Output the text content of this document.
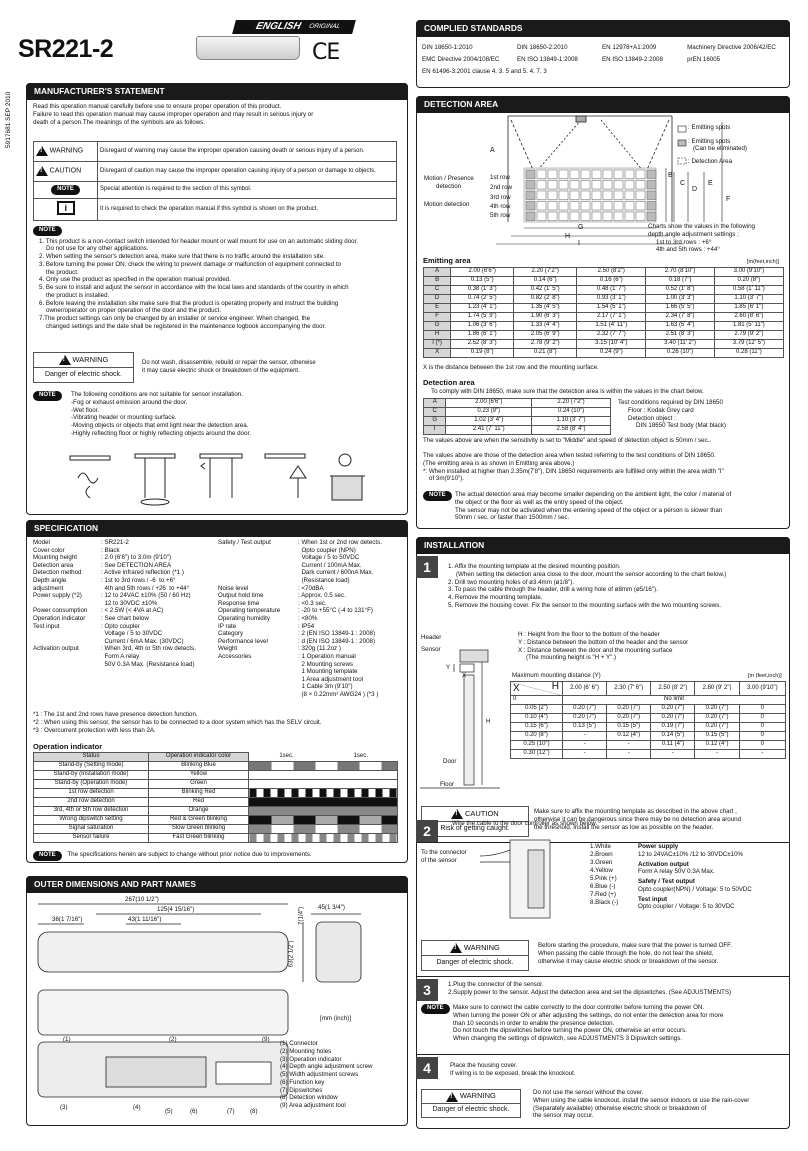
SR221-2
ENGLISH ORIGINAL
CE
5917681 SEP 2010
MANUFACTURER'S STATEMENT
Read this operation manual carefully before use to ensure proper operation of this product.
Failure to read this operation manual may cause improper operation and may result in serious injury or
death of a person.The meanings of the symbols are as follows.
! WARNING	Disregard of warning may cause the improper operation causing death or serious injury of a person.
! CAUTION	Disregard of caution may cause the improper operation causing injury of a person or damage to objects.
NOTE	Special attention is required to the section of this symbol.

i	It is required to check the operation manual if this symbol is shown on the product.
NOTE
1. This product is a non-contact switch intended for header mount or wall mount for use on an automatic sliding door.
Do not use for any other applications.
2. When setting the sensor's detection area, make sure that there is no traffic around the installation site.
3. Before turning the power ON, check the wiring to prevent damage or malfunction of equipment connected to
the product.
4. Only use the product as specified in the operation manual provided.
5. Be sure to install and adjust the sensor in accordance with the local laws and standards of the country in which
the product is installed.
6. Before leaving the installation site make sure that the product is operating properly and instruct the building
owner/operator on proper operation of the door and the product.
7.The product settings can only be changed by an installer or service engineer. When changed, the
changed settings and the date shall be registered in the maintenance logbook accompanying the door.
! WARNING	Do not wash, disassemble, rebuild or repair the sensor, otherwise
it may cause electric shock or breakdown of the equipment.

Danger of electric shock.
NOTE The following conditions are not suitable for sensor installation.
-Fog or exhaust emission around the door.
-Wet floor.
-Vibrating header or mounting surface.
-Moving objects or objects that emit light near the detection area.
-Highly reflecting floor or highly reflecting objects around the door.
SPECIFICATION
Model	: SR221-2
Cover color	: Black
Mounting height	: 2.0 (6'6") to 3.0m (9'10")
Detection area	: See DETECTION AREA
Detection method	: Active infrared reflection (*1 )
Depth angle	: 1st to 3rd rows / -6  to +6°
adjustment	4th and 5th rows / +26  to +44°
Power supply (*2)	: 12 to 24VAC ±10% (50 / 60 Hz)
12 to 30VDC ±10%
Power consumption	: < 2.5W (< 4VA at AC)
Operation indicator	: See chart below
Test input	: Opto coupler
Voltage / 5 to 30VDC
Current / 6mA Max. (30VDC)
Activation output	: When 3rd, 4th or 5th row detects.
Form A relay
50V 0.3A Max. (Resistance load)
Safety / Test output	: When 1st or 2nd row detects.
Opto coupler (NPN)
Voltage / 5 to 50VDC
Current / 100mA Max.
Dark current / 600nA Max.
(Resistance load)
Noise level	: <70dBA
Output hold time	: Approx. 0.5 sec.
Response time	: <0.3 sec.
Operating temperature	: -20 to +55°C (-4 to 131°F)
Operating humidity	: <80%
IP rate	: IP54
Category	: 2 (EN ISO 13849-1 : 2008)
Performance level	: d (EN ISO 13849-1 : 2008)
Weight	: 320g (11.2oz )
Accessories	: 1 Operation manual
2 Mounting screws
1 Mounting template
1 Area adjustment tool
1 Cable 3m (9'10")
(8 × 0.22mm² AWG24 ) (*3 )
*1 : The 1st and 2nd rows have presence detection function.
*2 : When using this sensor, the sensor has to be connected to a door system which has the SELV circuit.
*3 : Overcurrent protection with less than 2A.
Operation indicator
Status	Operation indicator color	1sec.	1sec.
Stand-by (Setting mode)	Blinking Blue		
Stand-by (Installation mode)	Yellow		
Stand-by (Operation mode)	Green		
1st row detection	Blinking Red		
2nd row detection	Red		
3rd, 4th or 5th row detection	Orange		
Wrong dipswitch setting	Red & Green blinking		
Signal saturation	Slow Green blinking		
Sensor failure	Fast Green blinking		
NOTE The specifications herein are subject to change without prior notice due to improvements.
OUTER DIMENSIONS AND PART NAMES
267(10 1/2")
125(4 15/16")
36(1 7/16")	43(1 11/16")	7(1/4") 45(1 3/4")
63(2 1/2")
[mm (inch)]
(1)	(2)
(3)	(4)
(5)	(6)	(7) (8)
(9)
(1) Connector
(2) Mounting holes
(3) Operation indicator
(4) Depth angle adjustment screw
(5) Width adjustment screws
(6) Function key
(7) Dipswitches
(8) Detection window
(9) Area adjustment tool
COMPLIED STANDARDS
DIN 18650-1:2010	DIN 18650-2:2010	EN 12978+A1:2009	Machinery Directive 2006/42/EC
EMC Directive 2004/108/EC	EN ISO 13849-1:2008	EN ISO 13849-2:2008	prEN 16005
EN 61496-3:2001 clause 4. 3. 5 and 5. 4. 7. 3
DETECTION AREA
: Emitting spots
: Emitting spots
(Can be eliminated)
: Detection Area
Motion / Presence
detection
Motion detection
1st row
2nd row
3rd row
4th row
5th row
A
B
C
D
E
F
G
H
I
Charts show the values in the following
depth angle adjustment settings ;
1st to 3rd rows : +6°
4th and 5th rows : +44°
Emitting area	[m(feet,inch)]
A	2.00 (6'6")	2.20 (7'2")	2.50 (8'2")	2.70 (8'10")	3.00 (9'10")
B	0.13 (5")	0.14 (6")	0.16 (6")	0.18 (7")	0.20 (8")
C	0.38 (1' 3")	0.42 (1' 5")	0.48 (1' 7")	0.52 (1' 8")	0.58 (1' 11")
D	0.74 (2' 5")	0.82 (2' 8")	0.93 (3' 1")	1.00 (3' 3")	1.10 (3' 7")
E	1.23 (4' 1")	1.35 (4' 5")	1.54 (5' 1")	1.66 (5' 5")	1.85 (6' 1")
F	1.74 (5' 9")	1.90 (6' 3")	2.17 (7' 1")	2.34 (7' 8")	2.60 (8' 6")
G	1.06 (3' 6")	1.33 (4' 4")	1.51 (4' 11")	1.63 (5' 4")	1.81 (5' 11")
H	1.86 (6' 1")	2.05 (6' 9")	2.32 (7' 7")	2.51 (8' 3")	2.79 (9' 2")
I (*)	2.52 (8' 3")	2.78 (9' 2")	3.15 (10' 4")	3.40 (11' 2")	3.79 (12' 5")
X	0.19 (8")	0.21 (8")	0.24 (9")	0.26 (10")	0.28 (11")
X is the distance between the 1st row and the mounting surface.
Detection area
To comply with DIN 18650, make sure that the detection area is within the values in the chart below.
A	2.00 (6'6")	2.20 (7'2")
C	0.23 (9")	0.24 (10")
G	1.02 (3' 4")	1.10 (3' 7")
I	2.41 (7' 11")	2.58 (8' 4")
Test conditions required by DIN 18650
Floor : Kodak Grey card
Detection object :
DIN 18650 Test body (Mat black)
The values above are when the sensitivity is set to "Middle" and speed of detection object is 50mm / sec..
The values above are those of the detection area when tested referring to the test conditions of DIN 18650.
(The emitting area is as shown in Emitting area above.)
*: When installed at higher than 2.35m(7'8"), DIN 18650 requirements are fulfilled only within the area width "I"
of 3m(9'10").
NOTE The actual detection area may become smaller depending on the ambient light, the color / material of
the object or the floor as well as the entry speed of the object.
The sensor may not be activated when the entering speed of the object or a person is slower than
50mm / sec. or faster than 1500mm / sec.
INSTALLATION
1	1. Affix the mounting template at the desired mounting position.
(When setting the detection area close to the door, mount the sensor according to the chart below.)
2. Drill two mounting holes of ø3.4mm (ø1/8").
3. To pass the cable through the header, drill a wiring hole of ø8mm (ø5/16").
4. Remove the mounting template.
5. Remove the housing cover. Fix the sensor to the mounting surface with the two mounting screws.
Header
Sensor
Y
X
H
Door
Floor
H : Height from the floor to the bottom of the header
Y : Distance between the bottom of the header and the sensor
X : Distance between the door and the mounting surface
(The mounting height is "H + Y".)
Maximum mounting distance (Y)	[m (feet,inch)]
X H	2.00 (6' 6")	2.30 (7' 6")	2.50 (8' 2")	2.80 (9' 2")	3.00 (9'10")
0	No limit				
0.05 (2")	0.20 (7")	0.20 (7")	0.20 (7")	0.20 (7")	0
0.10 (4")	0.20 (7")	0.20 (7")	0.20 (7")	0.20 (7")	0
0.15 (6")	0.13 (5")	0.15 (5")	0.19 (7")	0.20 (7")	0
0.20 (8")	-	0.12 (4")	0.14 (5")	0.15 (5")	0
0.25 (10")	-	-	0.11 (4")	0.12 (4")	0
0.30 (12")	-	-	-	-	-
! CAUTION
Risk of getting caught.
Make sure to affix the mounting template as described in the above chart ,
otherwise it can be dangerous since there may be no detection area around
the threshold. Install the sensor as low as possible on the header.
2	Wire the cable to the door controller as shown below.
To the connector
of the sensor
1.White
2.Brown
3.Green
4.Yellow
5.Pink (+)
6.Blue (-)
7.Red (+)
8.Black (-)
Power supply
12 to 24VAC±10% /12 to 30VDC±10%
Activation output
Form A relay 50V 0.3A Max.
Safety / Test output
Opto coupler(NPN) / Voltage: 5 to 50VDC
Test input
Opto coupler / Voltage: 5 to 30VDC
! WARNING
Danger of electric shock.
Before starting the procedure, make sure that the power is turned OFF.
When passing the cable through the hole, do not tear the shield,
otherwise it may cause electric shock or breakdown of the sensor.
3	1.Plug the connector of the sensor.
2.Supply power to the sensor. Adjust the detection area and set the dipswitches. (See ADJUSTMENTS)
NOTE Make sure to connect the cable correctly to the door controller before turning the power ON.
When turning the power ON or after adjusting the settings, do not enter the detection area for more
than 10 seconds in order to enable the presence detection.
Do not touch the dipswitches before turning the power ON, otherwise an error occurs.
When changing the settings of dipswitch, see ADJUSTMENTS 3 Dipswitch settings.
4	Place the housing cover.
If wiring is to be exposed, break the knockout.
! WARNING
Danger of electric shock.
Do not use the sensor without the cover.
When using the cable knockout, install the sensor indoors or use the rain-cover
(Separately available) otherwise electric shock or breakdown of
the sensor may occur.
